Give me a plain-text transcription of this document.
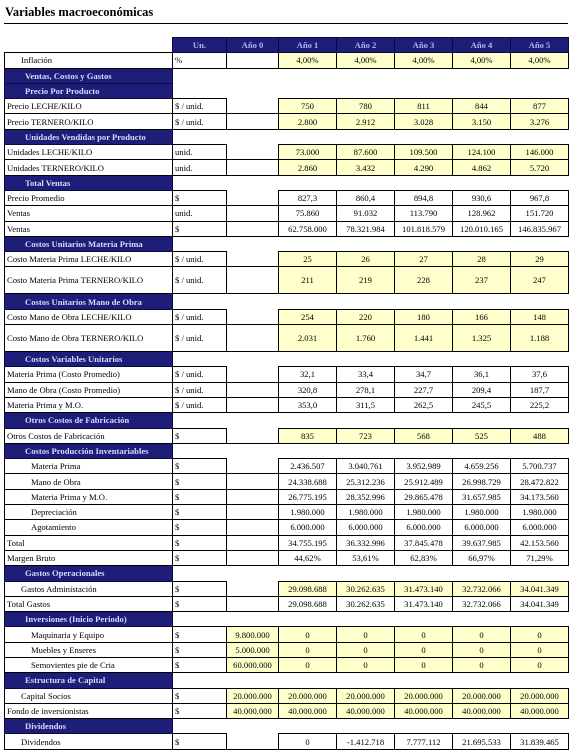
Variables macroeconómicas
	Un.	Año 0	Año 1	Año 2	Año 3	Año 4	Año 5
Inflación	%		4,00%	4,00%	4,00%	4,00%	4,00%
Ventas, Costos y Gastos							
Precio Por Producto							
Precio LECHE/KILO	$ / unid.		750	780	811	844	877
Precio TERNERO/KILO	$ / unid.		2.800	2.912	3.028	3.150	3.276
Unidades Vendidas por Producto							
Unidades LECHE/KILO	unid.		73.000	87.600	109.500	124.100	146.000
Unidades TERNERO/KILO	unid.		2.860	3.432	4.290	4.862	5.720
Total Ventas							
Precio Promedio	$		827,3	860,4	894,8	930,6	967,8
Ventas	unid.		75.860	91.032	113.790	128.962	151.720
Ventas	$		62.758.000	78.321.984	101.818.579	120.010.165	146.835.967
Costos Unitarios Materia Prima							
Costo Materia Prima LECHE/KILO	$ / unid.		25	26	27	28	29
Costo Materia Prima TERNERO/KILO	$ / unid.		211	219	228	237	247
Costos Unitarios Mano de Obra							
Costo Mano de Obra LECHE/KILO	$ / unid.		254	220	180	166	148
Costo Mano de Obra TERNERO/KILO	$ / unid.		2.031	1.760	1.441	1.325	1.188
Costos Variables Unitarios							
Materia Prima (Costo Promedio)	$ / unid.		32,1	33,4	34,7	36,1	37,6
Mano de Obra (Costo Promedio)	$ / unid.		320,8	278,1	227,7	209,4	187,7
Materia Prima y M.O.	$ / unid.		353,0	311,5	262,5	245,5	225,2
Otros Costos de Fabricación							
Otros Costos de Fabricación	$		835	723	568	525	488
Costos Producción Inventariables							
Materia Prima	$		2.436.507	3.040.761	3.952.989	4.659.256	5.700.737
Mano de Obra	$		24.338.688	25.312.236	25.912.489	26.998.729	28.472.822
Materia Prima y M.O.	$		26.775.195	28.352.996	29.865.478	31.657.985	34.173.560
Depreciación	$		1.980.000	1.980.000	1.980.000	1.980.000	1.980.000
Agotamiento	$		6.000.000	6.000.000	6.000.000	6.000.000	6.000.000
Total	$		34.755.195	36.332.996	37.845.478	39.637.985	42.153.560
Margen Bruto	$		44,62%	53,61%	62,83%	66,97%	71,29%
Gastos Operacionales							
Gastos Administación	$		29.098.688	30.262.635	31.473.140	32.732.066	34.041.349
Total Gastos	$		29.098.688	30.262.635	31.473.140	32.732.066	34.041.349
Inversiones (Inicio Periodo)							
Maquinaria y Equipo	$	9.800.000	0	0	0	0	0
Muebles y Enseres	$	5.000.000	0	0	0	0	0
Semovientes pie de Cria	$	60.000.000	0	0	0	0	0
Estructura de Capital							
Capital Socios	$	20.000.000	20.000.000	20.000.000	20.000.000	20.000.000	20.000.000
Fondo de inversionistas	$	40.000.000	40.000.000	40.000.000	40.000.000	40.000.000	40.000.000
Dividendos							
Dividendos	$		0	-1.412.718	7.777.112	21.695.533	31.839.465
